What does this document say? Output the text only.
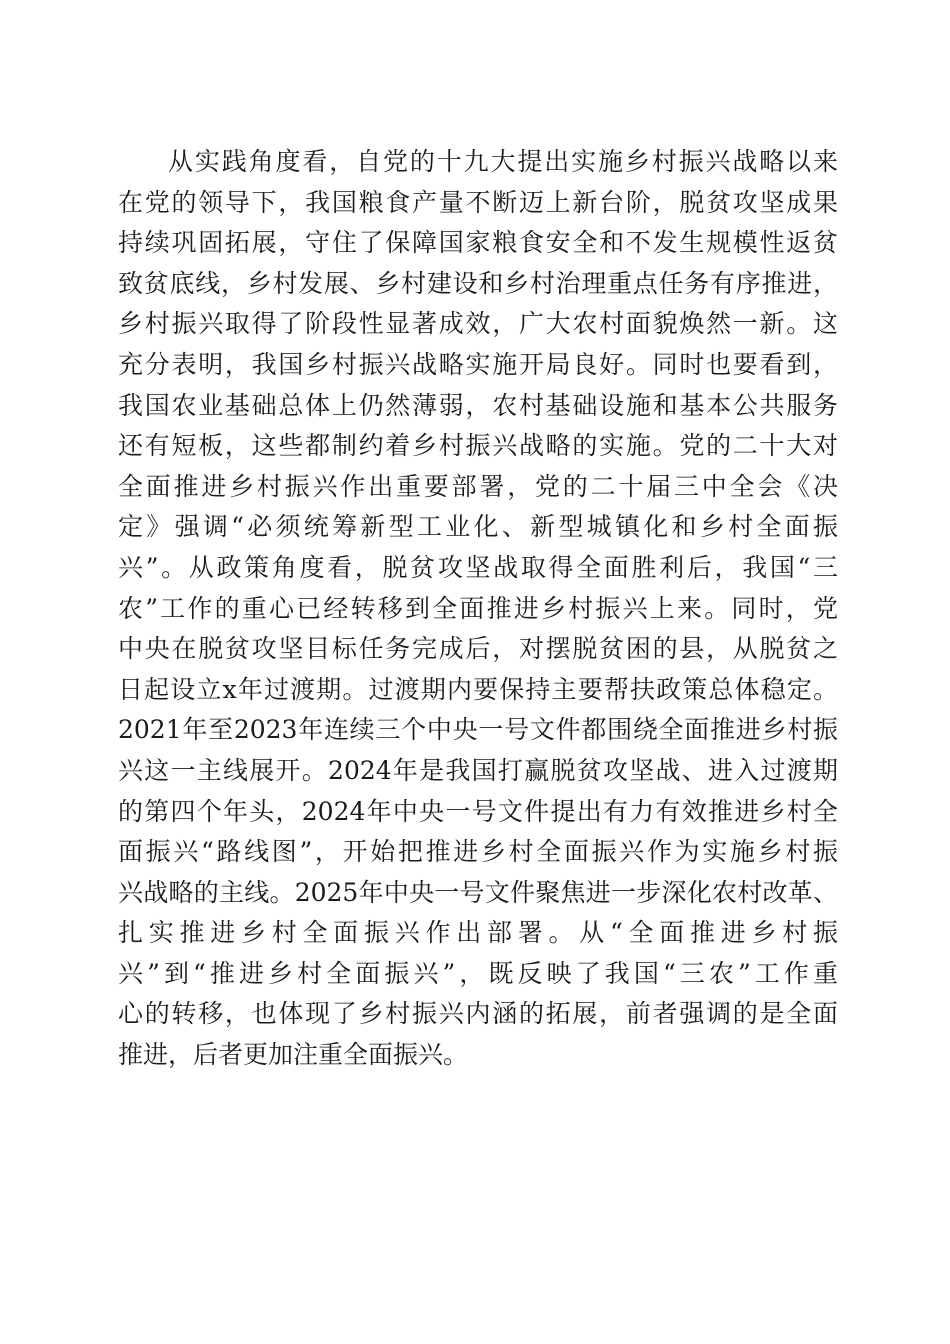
从实践角度看，自党的十九大提出实施乡村振兴战略以来
在党的领导下，我国粮食产量不断迈上新台阶，脱贫攻坚成果
持续巩固拓展，守住了保障国家粮食安全和不发生规模性返贫
致贫底线，乡村发展、乡村建设和乡村治理重点任务有序推进，
乡村振兴取得了阶段性显著成效，广大农村面貌焕然一新。这
充分表明，我国乡村振兴战略实施开局良好。同时也要看到，
我国农业基础总体上仍然薄弱，农村基础设施和基本公共服务
还有短板，这些都制约着乡村振兴战略的实施。党的二十大对
全面推进乡村振兴作出重要部署，党的二十届三中全会《决
定》强调“必须统筹新型工业化、新型城镇化和乡村全面振
兴”。从政策角度看，脱贫攻坚战取得全面胜利后，我国“三
农”工作的重心已经转移到全面推进乡村振兴上来。同时，党
中央在脱贫攻坚目标任务完成后，对摆脱贫困的县，从脱贫之
日起设立x年过渡期。过渡期内要保持主要帮扶政策总体稳定。
2021年至2023年连续三个中央一号文件都围绕全面推进乡村振
兴这一主线展开。2024年是我国打赢脱贫攻坚战、进入过渡期
的第四个年头，2024年中央一号文件提出有力有效推进乡村全
面振兴“路线图”，开始把推进乡村全面振兴作为实施乡村振
兴战略的主线。2025年中央一号文件聚焦进一步深化农村改革、
扎实推进乡村全面振兴作出部署。从“全面推进乡村振
兴”到“推进乡村全面振兴”，既反映了我国“三农”工作重
心的转移，也体现了乡村振兴内涵的拓展，前者强调的是全面
推进，后者更加注重全面振兴。
